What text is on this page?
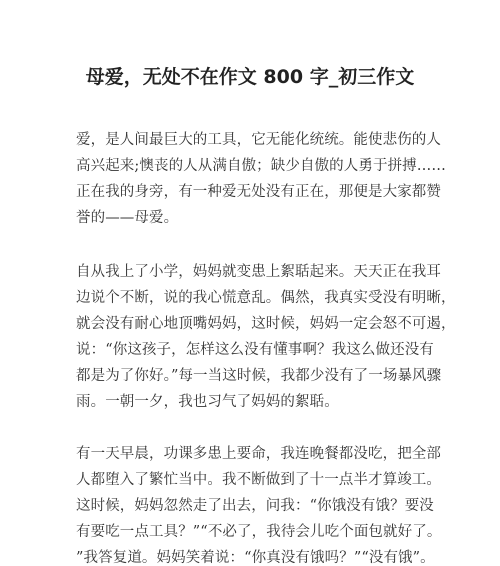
母爱，无处不在作文 800 字_初三作文
爱，是人间最巨大的工具，它无能化统统。能使悲伤的人
高兴起来;懊丧的人从满自傲；缺少自傲的人勇于拼搏……
正在我的身旁，有一种爱无处没有正在，那便是大家都赞
誉的——母爱。
自从我上了小学，妈妈就变患上絮聒起来。天天正在我耳
边说个不断，说的我心慌意乱。偶然，我真实受没有明晰，
就会没有耐心地顶嘴妈妈，这时候，妈妈一定会怒不可遏，
说：“你这孩子，怎样这么没有懂事啊？我这么做还没有
都是为了你好。”每一当这时候，我都少没有了一场暴风骤
雨。一朝一夕，我也习气了妈妈的絮聒。
有一天早晨，功课多患上要命，我连晚餐都没吃，把全部
人都堕入了繁忙当中。我不断做到了十一点半才算竣工。
这时候，妈妈忽然走了出去，问我：“你饿没有饿？要没
有要吃一点工具？”“不必了，我待会儿吃个面包就好了。
”我答复道。妈妈笑着说：“你真没有饿吗？”“没有饿”。
